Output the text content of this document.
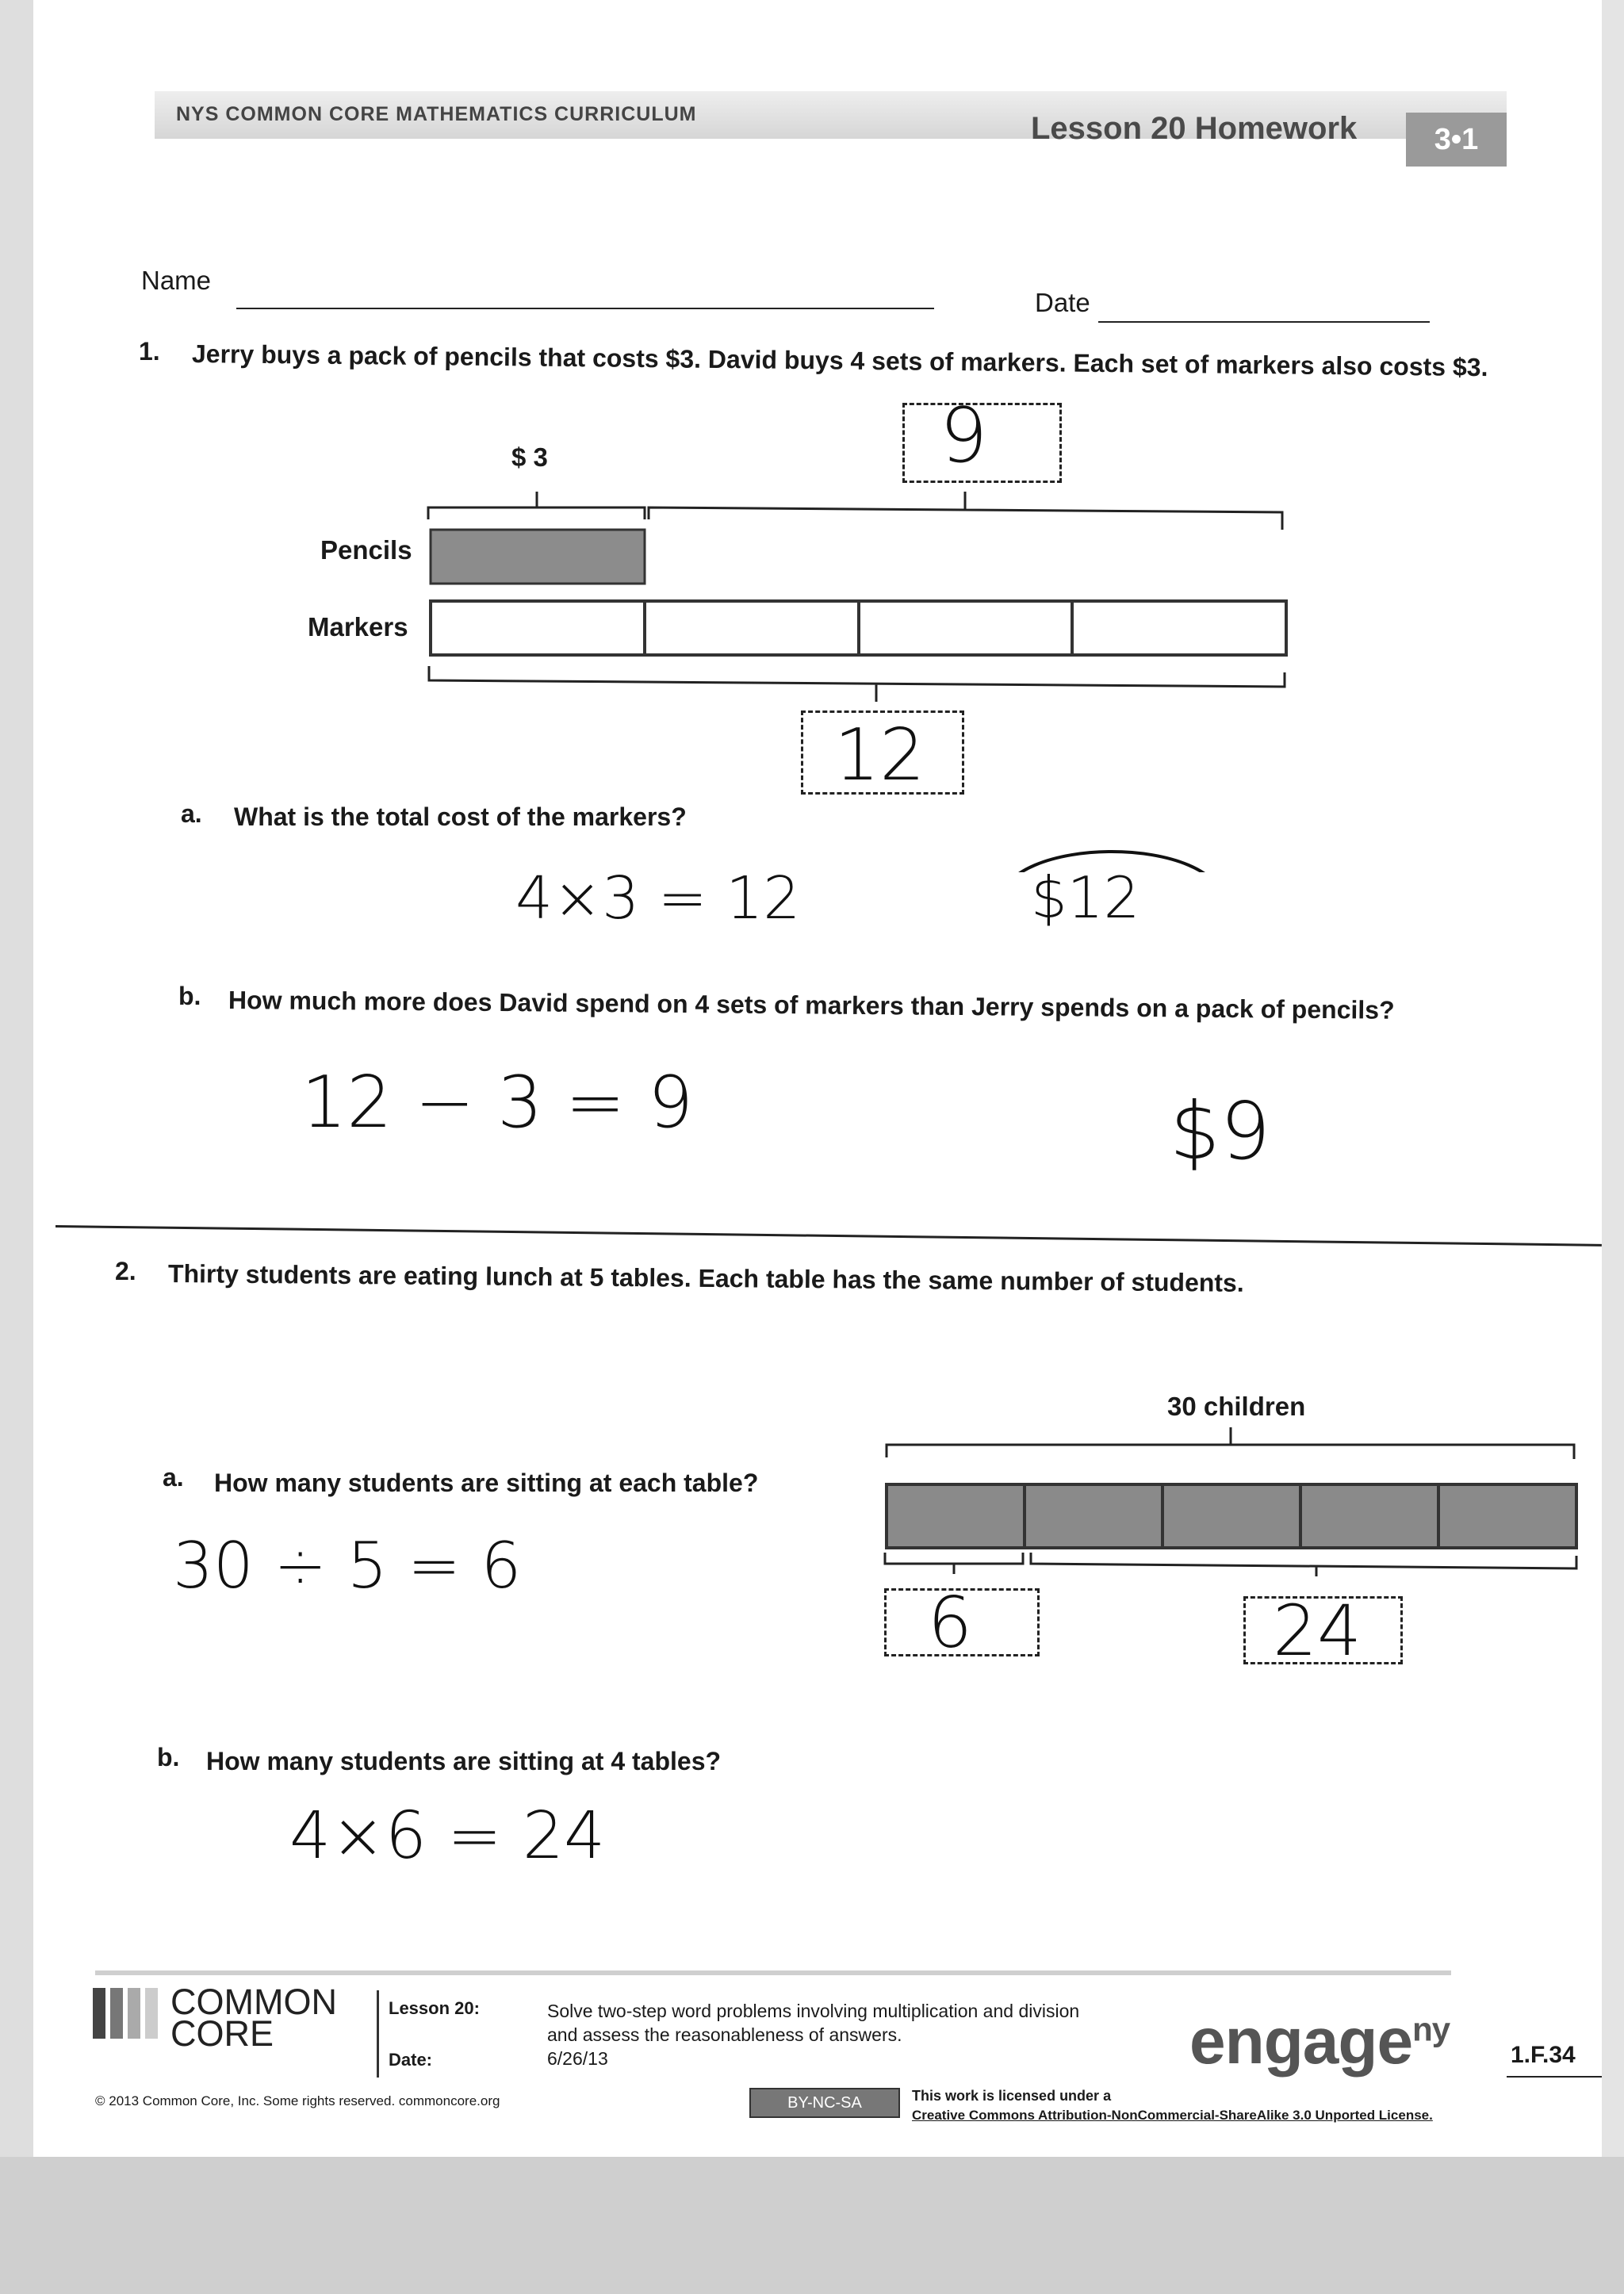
NYS COMMON CORE MATHEMATICS CURRICULUM	Lesson 20 Homework	3•1
Name
Date
1. Jerry buys a pack of pencils that costs $3. David buys 4 sets of markers. Each set of markers also costs $3.
$ 3
Pencils
Markers
9
12
a. What is the total cost of the markers?
4×3 = 12	$12
b. How much more does David spend on 4 sets of markers than Jerry spends on a pack of pencils?
12 − 3 = 9	$9
2. Thirty students are eating lunch at 5 tables. Each table has the same number of students.
30 children
6	24
a. How many students are sitting at each table?
30 ÷ 5 = 6
b. How many students are sitting at 4 tables?
4×6 = 24
COMMON
CORE
Lesson 20:
Date:
Solve two-step word problems involving multiplication and division
and assess the reasonableness of answers.
6/26/13
© 2013 Common Core, Inc. Some rights reserved. commoncore.org	BY-NC-SA	This work is licensed under a
Creative Commons Attribution-NonCommercial-ShareAlike 3.0 Unported License.
engage$^{ny}$
1.F.34
